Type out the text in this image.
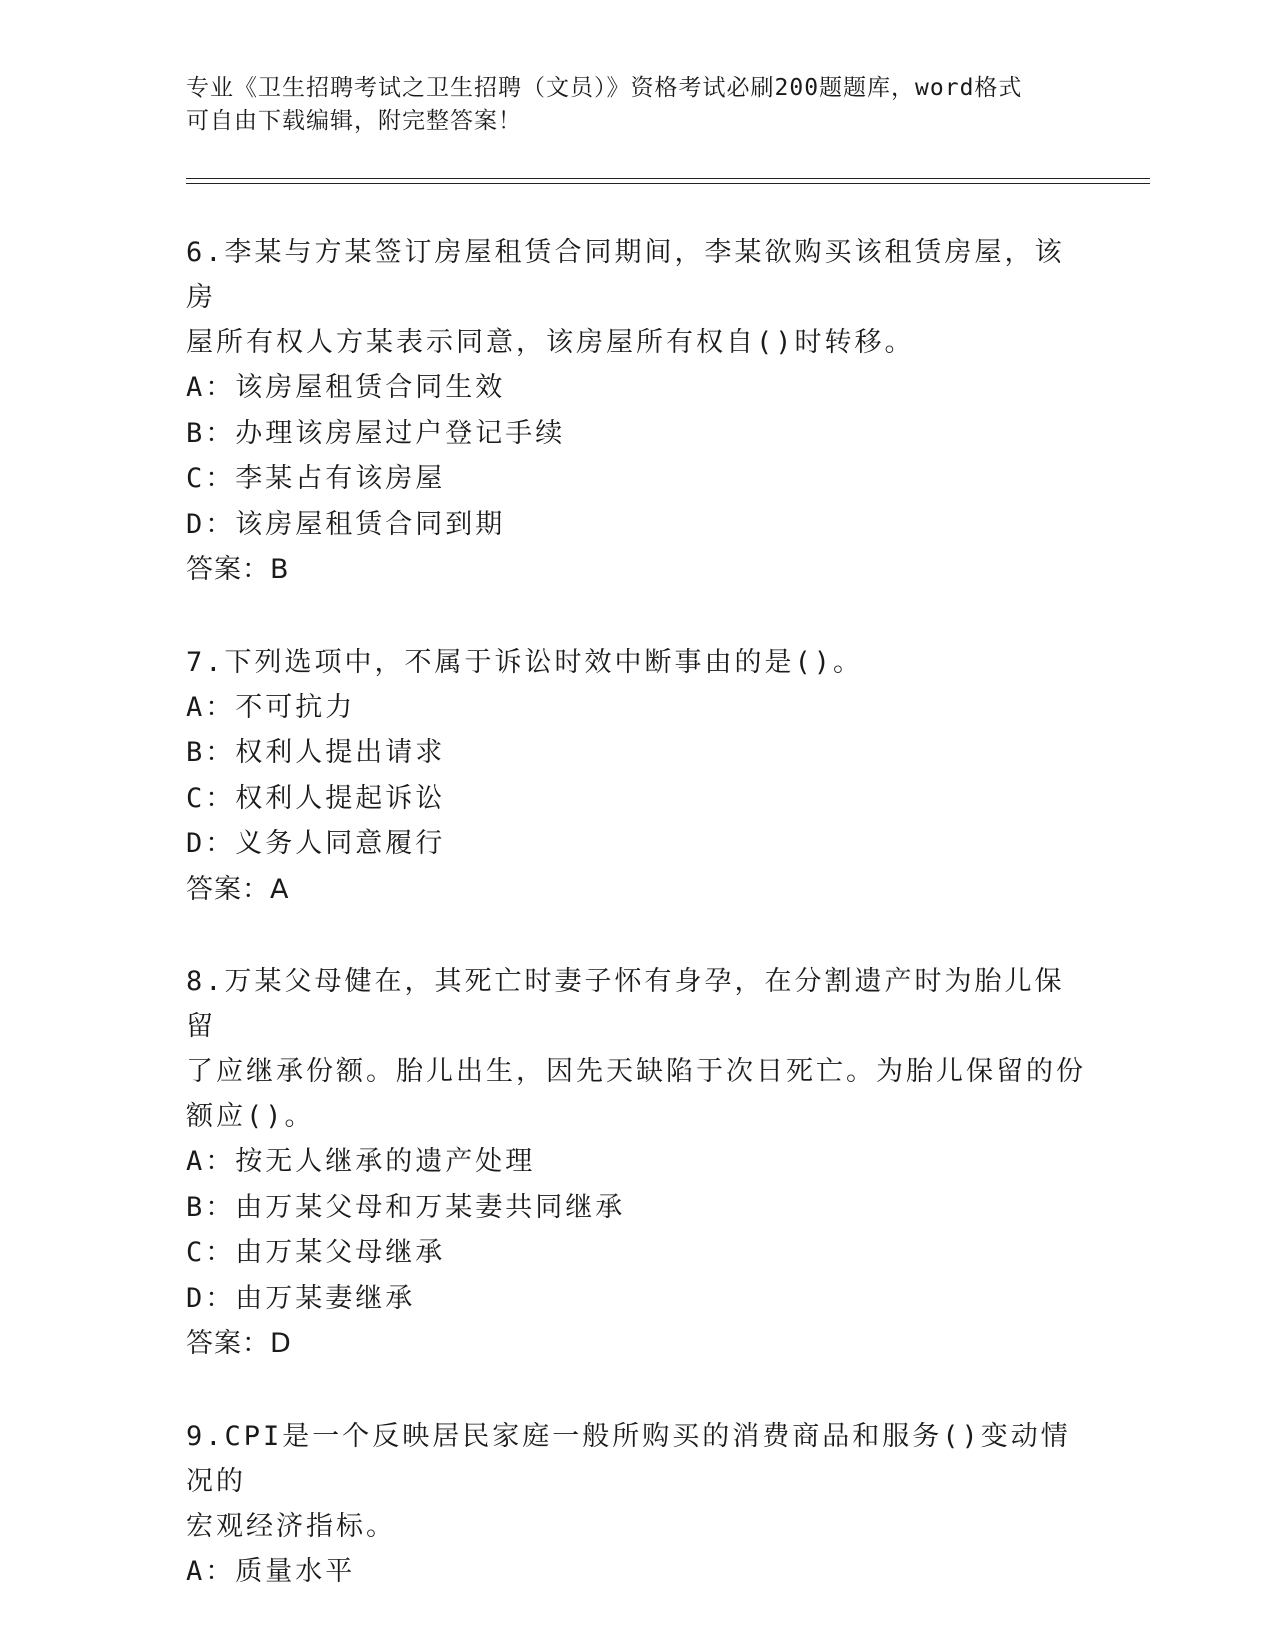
专业《卫生招聘考试之卫生招聘（文员）》资格考试必刷200题题库，word格式
可自由下载编辑，附完整答案！

6.李某与方某签订房屋租赁合同期间，李某欲购买该租赁房屋，该房

屋所有权人方某表示同意，该房屋所有权自()时转移。

A：该房屋租赁合同生效

B：办理该房屋过户登记手续

C：李某占有该房屋

D：该房屋租赁合同到期

答案：B

7.下列选项中，不属于诉讼时效中断事由的是()。

A：不可抗力

B：权利人提出请求

C：权利人提起诉讼

D：义务人同意履行

答案：A

8.万某父母健在，其死亡时妻子怀有身孕，在分割遗产时为胎儿保留

了应继承份额。胎儿出生，因先天缺陷于次日死亡。为胎儿保留的份

额应()。

A：按无人继承的遗产处理

B：由万某父母和万某妻共同继承

C：由万某父母继承

D：由万某妻继承

答案：D

9.CPI是一个反映居民家庭一般所购买的消费商品和服务()变动情况的

宏观经济指标。

A：质量水平
